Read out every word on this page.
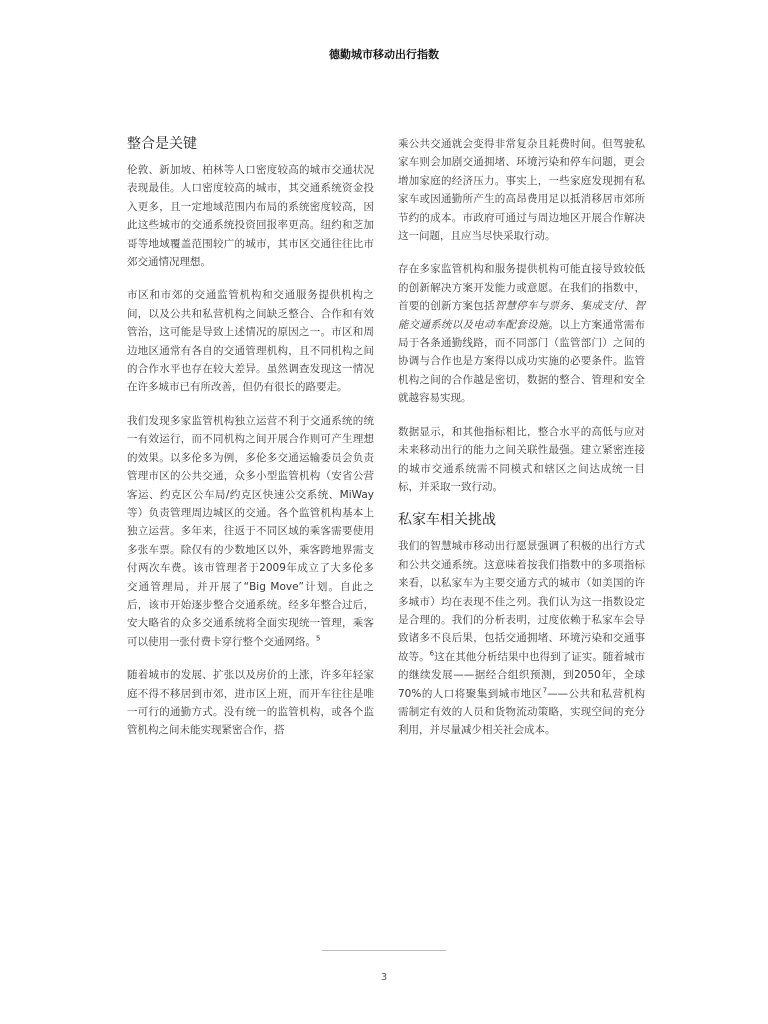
德勤城市移动出行指数
整合是关键

伦敦、新加坡、柏林等人口密度较高的城市交通状况表现最佳。人口密度较高的城市，其交通系统资金投入更多，且一定地域范围内布局的系统密度较高，因此这些城市的交通系统投资回报率更高。纽约和芝加哥等地域覆盖范围较广的城市，其市区交通往往比市郊交通情况理想。

市区和市郊的交通监管机构和交通服务提供机构之间，以及公共和私营机构之间缺乏整合、合作和有效管治，这可能是导致上述情况的原因之一。市区和周边地区通常有各自的交通管理机构，且不同机构之间的合作水平也存在较大差异。虽然调查发现这一情况在许多城市已有所改善，但仍有很长的路要走。

我们发现多家监管机构独立运营不利于交通系统的统一有效运行，而不同机构之间开展合作则可产生理想的效果。以多伦多为例，多伦多交通运输委员会负责管理市区的公共交通，众多小型监管机构（安省公营客运、约克区公车局/约克区快速公交系统、MiWay等）负责管理周边城区的交通。各个监管机构基本上独立运营。多年来，往返于不同区域的乘客需要使用多张车票。除仅有的少数地区以外，乘客跨地界需支付两次车费。该市管理者于2009年成立了大多伦多交通管理局，并开展了“Big Move”计划。自此之后，该市开始逐步整合交通系统。经多年整合过后，安大略省的众多交通系统将全面实现统一管理，乘客可以使用一张付费卡穿行整个交通网络。$^5$

随着城市的发展、扩张以及房价的上涨，许多年轻家庭不得不移居到市郊，进市区上班，而开车往往是唯一可行的通勤方式。没有统一的监管机构，或各个监管机构之间未能实现紧密合作，搭

乘公共交通就会变得非常复杂且耗费时间。但驾驶私家车则会加剧交通拥堵、环境污染和停车问题，更会增加家庭的经济压力。事实上，一些家庭发现拥有私家车或因通勤所产生的高昂费用足以抵消移居市郊所节约的成本。市政府可通过与周边地区开展合作解决这一问题，且应当尽快采取行动。

存在多家监管机构和服务提供机构可能直接导致较低的创新解决方案开发能力或意愿。在我们的指数中，首要的创新方案包括智慧停车与票务、集成支付、智能交通系统以及电动车配套设施。以上方案通常需布局于各条通勤线路，而不同部门（监管部门）之间的协调与合作也是方案得以成功实施的必要条件。监管机构之间的合作越是密切，数据的整合、管理和安全就越容易实现。

数据显示，和其他指标相比，整合水平的高低与应对未来移动出行的能力之间关联性最强。建立紧密连接的城市交通系统需不同模式和辖区之间达成统一目标，并采取一致行动。

私家车相关挑战

我们的智慧城市移动出行愿景强调了积极的出行方式和公共交通系统。这意味着按我们指数中的多项指标来看，以私家车为主要交通方式的城市（如美国的许多城市）均在表现不佳之列。我们认为这一指数设定是合理的。我们的分析表明，过度依赖于私家车会导致诸多不良后果，包括交通拥堵、环境污染和交通事故等。$^6$这在其他分析结果中也得到了证实。随着城市的继续发展——据经合组织预测，到2050年，全球70%的人口将聚集到城市地区$^7$——公共和私营机构需制定有效的人员和货物流动策略，实现空间的充分利用，并尽量减少相关社会成本。

3
